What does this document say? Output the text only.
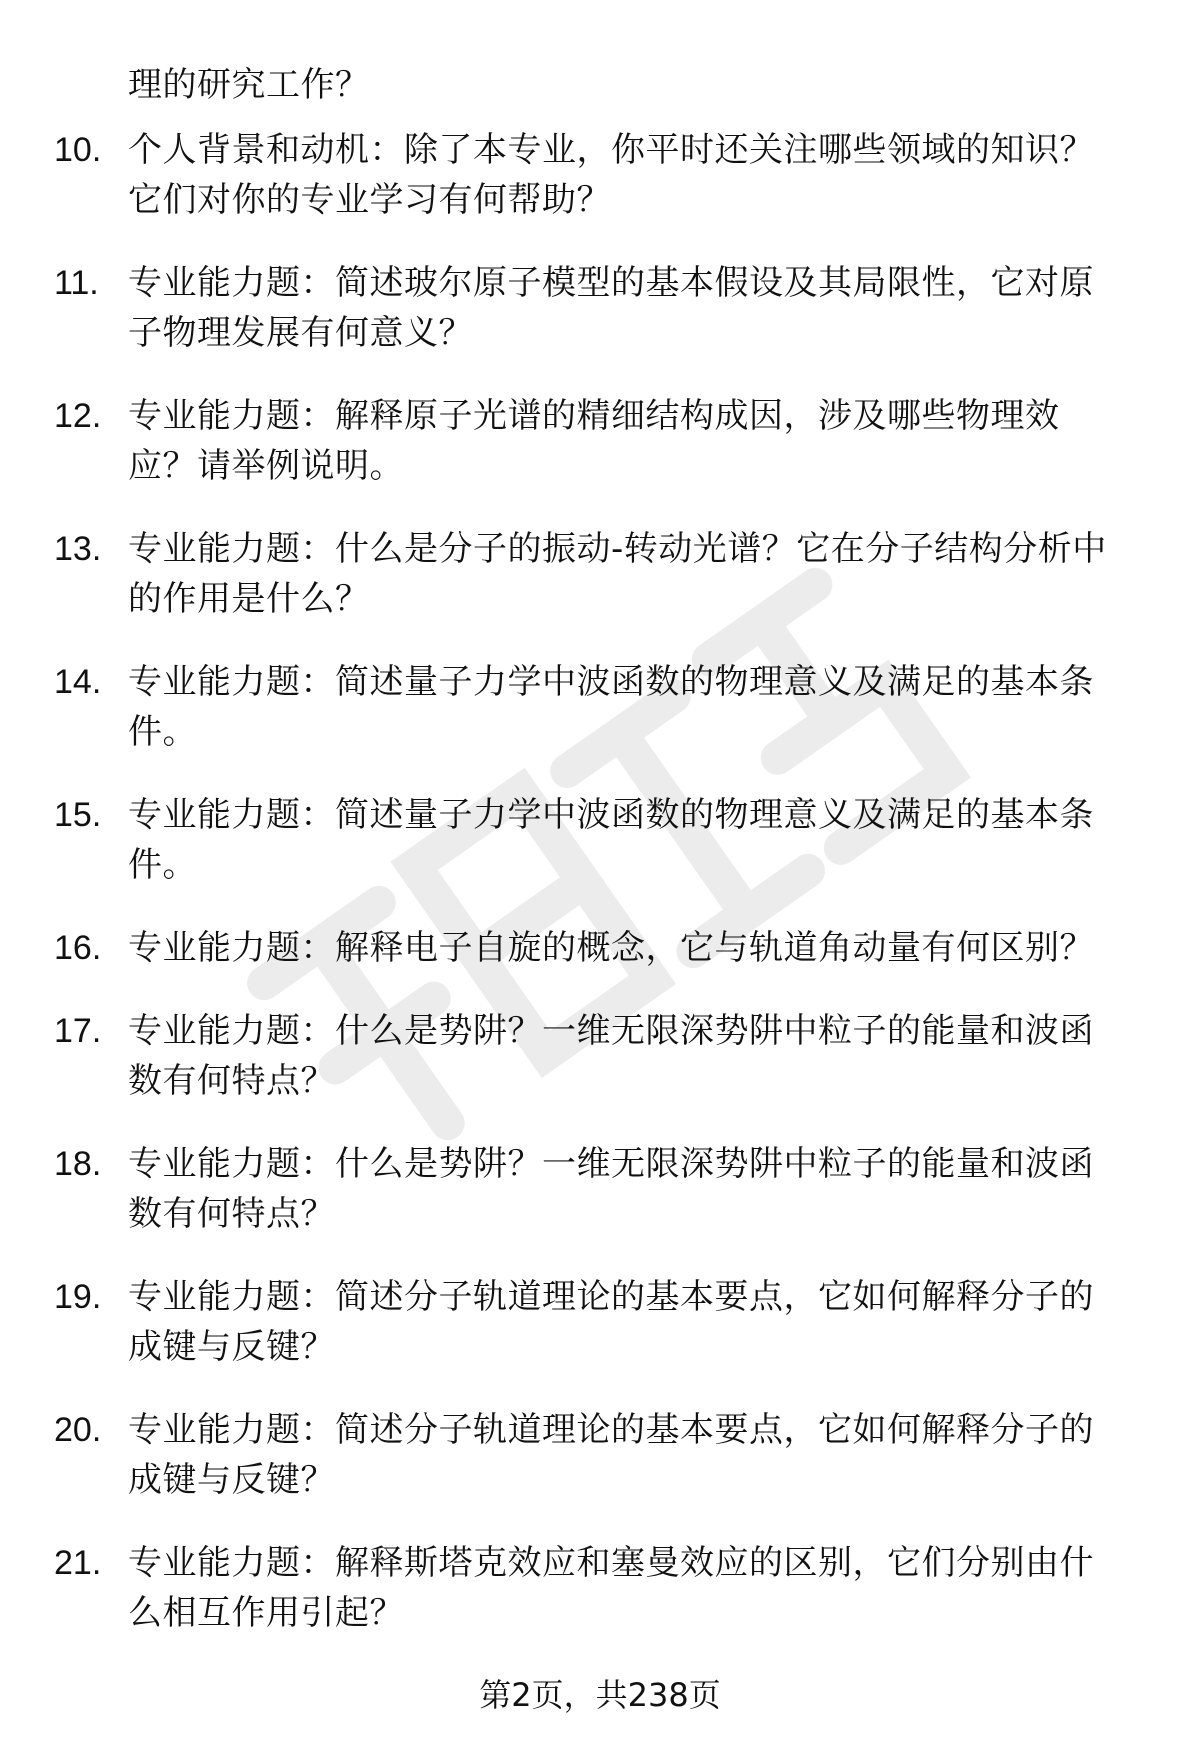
理的研究工作？
10. 个人背景和动机：除了本专业，你平时还关注哪些领域的知识？
它们对你的专业学习有何帮助？
11. 专业能力题：简述玻尔原子模型的基本假设及其局限性，它对原
子物理发展有何意义？
12. 专业能力题：解释原子光谱的精细结构成因，涉及哪些物理效
应？请举例说明。
13. 专业能力题：什么是分子的振动-转动光谱？它在分子结构分析中
的作用是什么？
14. 专业能力题：简述量子力学中波函数的物理意义及满足的基本条
件。
15. 专业能力题：简述量子力学中波函数的物理意义及满足的基本条
件。
16. 专业能力题：解释电子自旋的概念，它与轨道角动量有何区别？
17. 专业能力题：什么是势阱？一维无限深势阱中粒子的能量和波函
数有何特点？
18. 专业能力题：什么是势阱？一维无限深势阱中粒子的能量和波函
数有何特点？
19. 专业能力题：简述分子轨道理论的基本要点，它如何解释分子的
成键与反键？
20. 专业能力题：简述分子轨道理论的基本要点，它如何解释分子的
成键与反键？
21. 专业能力题：解释斯塔克效应和塞曼效应的区别，它们分别由什
么相互作用引起？
第2页，共238页
